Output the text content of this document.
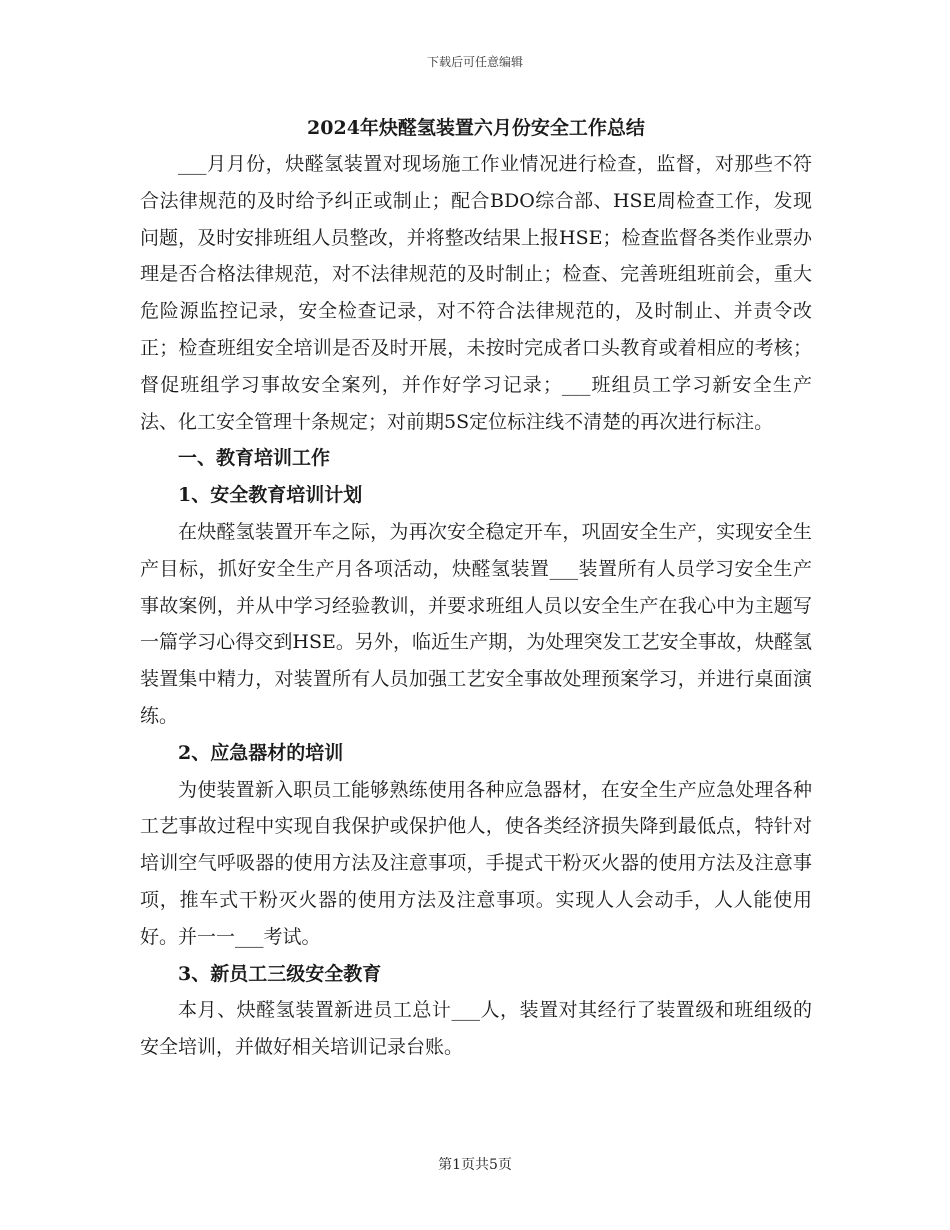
下载后可任意编辑
2024年炔醛氢装置六月份安全工作总结

___月月份，炔醛氢装置对现场施工作业情况进行检查，监督，对那些不符合法律规范的及时给予纠正或制止；配合BDO综合部、HSE周检查工作，发现问题，及时安排班组人员整改，并将整改结果上报HSE；检查监督各类作业票办理是否合格法律规范，对不法律规范的及时制止；检查、完善班组班前会，重大危险源监控记录，安全检查记录，对不符合法律规范的，及时制止、并责令改正；检查班组安全培训是否及时开展，未按时完成者口头教育或着相应的考核；督促班组学习事故安全案列，并作好学习记录；___班组员工学习新安全生产法、化工安全管理十条规定；对前期5S定位标注线不清楚的再次进行标注。

一、教育培训工作

1、安全教育培训计划

在炔醛氢装置开车之际，为再次安全稳定开车，巩固安全生产，实现安全生产目标，抓好安全生产月各项活动，炔醛氢装置___装置所有人员学习安全生产事故案例，并从中学习经验教训，并要求班组人员以安全生产在我心中为主题写一篇学习心得交到HSE。另外，临近生产期，为处理突发工艺安全事故，炔醛氢装置集中精力，对装置所有人员加强工艺安全事故处理预案学习，并进行桌面演练。

2、应急器材的培训

为使装置新入职员工能够熟练使用各种应急器材，在安全生产应急处理各种工艺事故过程中实现自我保护或保护他人，使各类经济损失降到最低点，特针对培训空气呼吸器的使用方法及注意事项，手提式干粉灭火器的使用方法及注意事项，推车式干粉灭火器的使用方法及注意事项。实现人人会动手，人人能使用好。并一一___考试。

3、新员工三级安全教育

本月、炔醛氢装置新进员工总计___人，装置对其经行了装置级和班组级的安全培训，并做好相关培训记录台账。

第1页共5页
